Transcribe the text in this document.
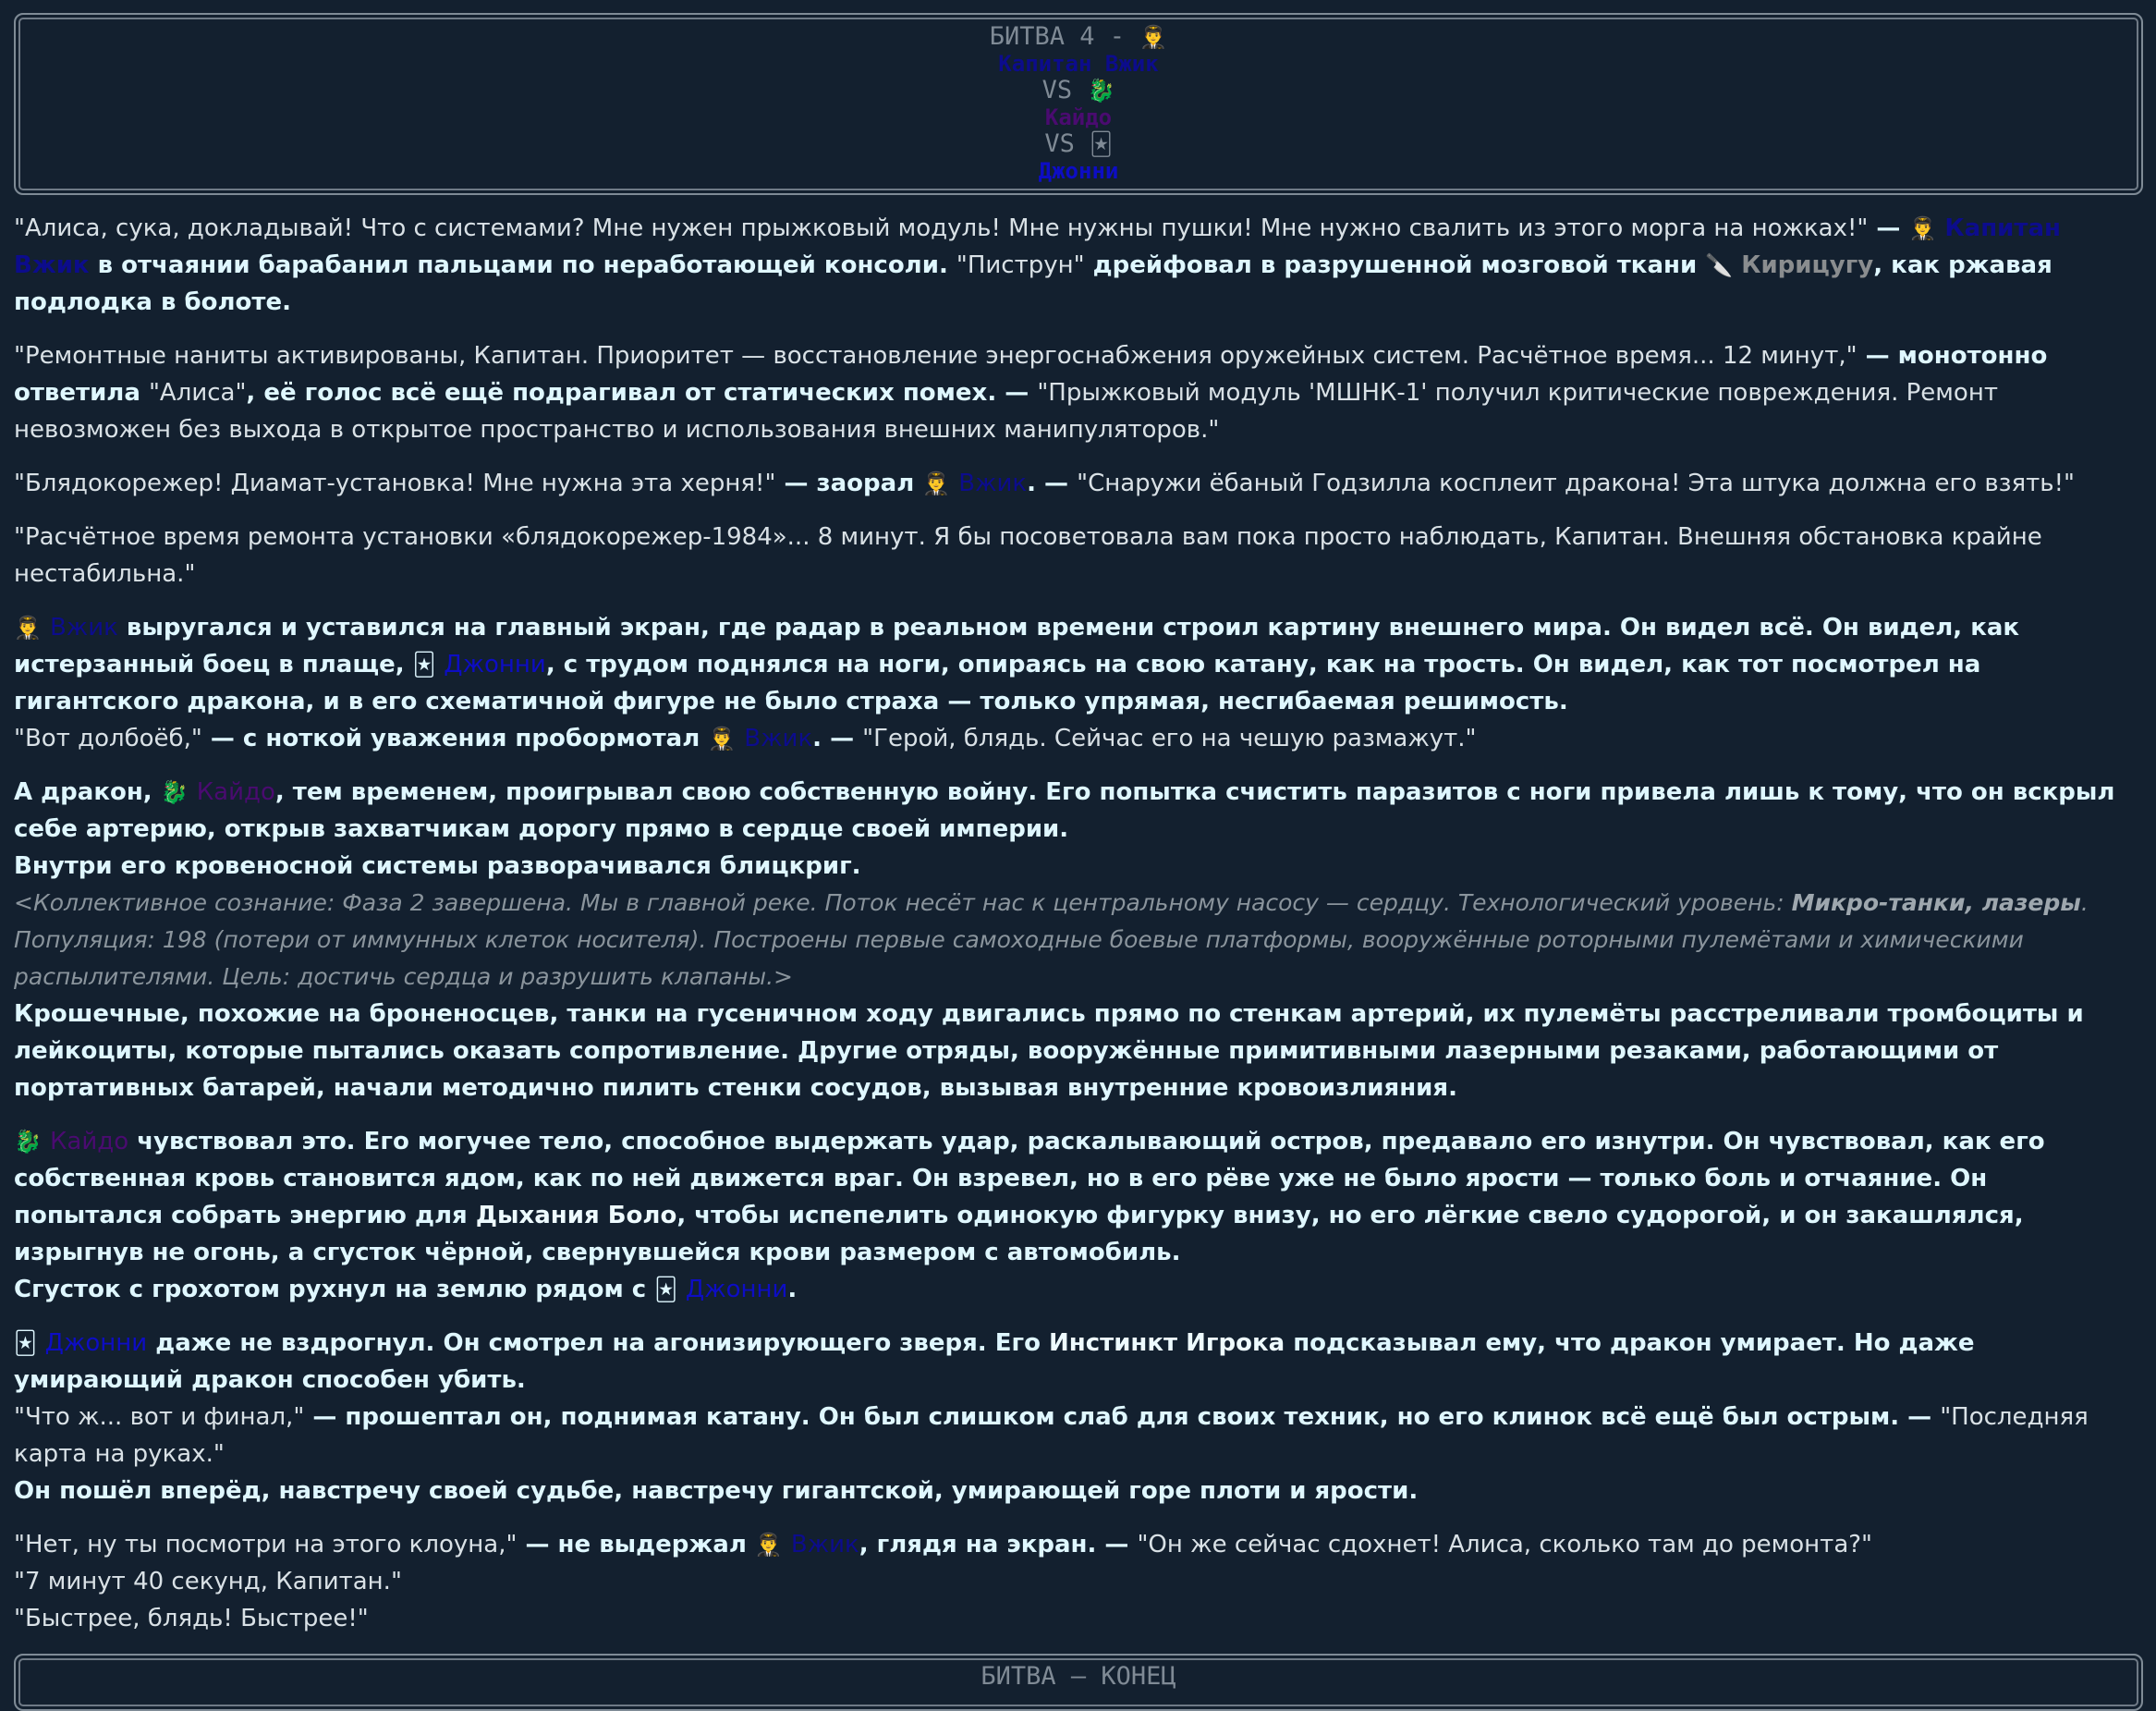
БИТВА 4 - 👨‍✈️
Капитан Вжик
VS 🐉
Кайдо
VS 🃏
Джонни

"Алиса, сука, докладывай! Что с системами? Мне нужен прыжковый модуль! Мне нужны пушки! Мне нужно свалить из этого морга на ножках!" — 👨‍✈️ Капитан Вжик в отчаянии барабанил пальцами по неработающей консоли. "Пиструн" дрейфовал в разрушенной мозговой ткани 🔪 Кирицугу, как ржавая подлодка в болоте.

"Ремонтные наниты активированы, Капитан. Приоритет — восстановление энергоснабжения оружейных систем. Расчётное время... 12 минут," — монотонно ответила "Алиса", её голос всё ещё подрагивал от статических помех. — "Прыжковый модуль 'МШНК-1' получил критические повреждения. Ремонт невозможен без выхода в открытое пространство и использования внешних манипуляторов."

"Блядокорежер! Диамат-установка! Мне нужна эта херня!" — заорал 👨‍✈️ Вжик. — "Снаружи ёбаный Годзилла косплеит дракона! Эта штука должна его взять!"

"Расчётное время ремонта установки «блядокорежер-1984»... 8 минут. Я бы посоветовала вам пока просто наблюдать, Капитан. Внешняя обстановка крайне нестабильна."

👨‍✈️ Вжик выругался и уставился на главный экран, где радар в реальном времени строил картину внешнего мира. Он видел всё. Он видел, как истерзанный боец в плаще, 🃏 Джонни, с трудом поднялся на ноги, опираясь на свою катану, как на трость. Он видел, как тот посмотрел на гигантского дракона, и в его схематичной фигуре не было страха — только упрямая, несгибаемая решимость.
"Вот долбоёб," — с ноткой уважения пробормотал 👨‍✈️ Вжик. — "Герой, блядь. Сейчас его на чешую размажут."

А дракон, 🐉 Кайдо, тем временем, проигрывал свою собственную войну. Его попытка счистить паразитов с ноги привела лишь к тому, что он вскрыл себе артерию, открыв захватчикам дорогу прямо в сердце своей империи.
Внутри его кровеносной системы разворачивался блицкриг.
<Коллективное сознание: Фаза 2 завершена. Мы в главной реке. Поток несёт нас к центральному насосу — сердцу. Технологический уровень: Микро-танки, лазеры. Популяция: 198 (потери от иммунных клеток носителя). Построены первые самоходные боевые платформы, вооружённые роторными пулемётами и химическими распылителями. Цель: достичь сердца и разрушить клапаны.>
Крошечные, похожие на броненосцев, танки на гусеничном ходу двигались прямо по стенкам артерий, их пулемёты расстреливали тромбоциты и лейкоциты, которые пытались оказать сопротивление. Другие отряды, вооружённые примитивными лазерными резаками, работающими от портативных батарей, начали методично пилить стенки сосудов, вызывая внутренние кровоизлияния.

🐉 Кайдо чувствовал это. Его могучее тело, способное выдержать удар, раскалывающий остров, предавало его изнутри. Он чувствовал, как его собственная кровь становится ядом, как по ней движется враг. Он взревел, но в его рёве уже не было ярости — только боль и отчаяние. Он попытался собрать энергию для Дыхания Боло, чтобы испепелить одинокую фигурку внизу, но его лёгкие свело судорогой, и он закашлялся, изрыгнув не огонь, а сгусток чёрной, свернувшейся крови размером с автомобиль.
Сгусток с грохотом рухнул на землю рядом с 🃏 Джонни.

🃏 Джонни даже не вздрогнул. Он смотрел на агонизирующего зверя. Его Инстинкт Игрока подсказывал ему, что дракон умирает. Но даже умирающий дракон способен убить.
"Что ж... вот и финал," — прошептал он, поднимая катану. Он был слишком слаб для своих техник, но его клинок всё ещё был острым. — "Последняя карта на руках."
Он пошёл вперёд, навстречу своей судьбе, навстречу гигантской, умирающей горе плоти и ярости.

"Нет, ну ты посмотри на этого клоуна," — не выдержал 👨‍✈️ Вжик, глядя на экран. — "Он же сейчас сдохнет! Алиса, сколько там до ремонта?"
"7 минут 40 секунд, Капитан."
"Быстрее, блядь! Быстрее!"

БИТВА — КОНЕЦ
